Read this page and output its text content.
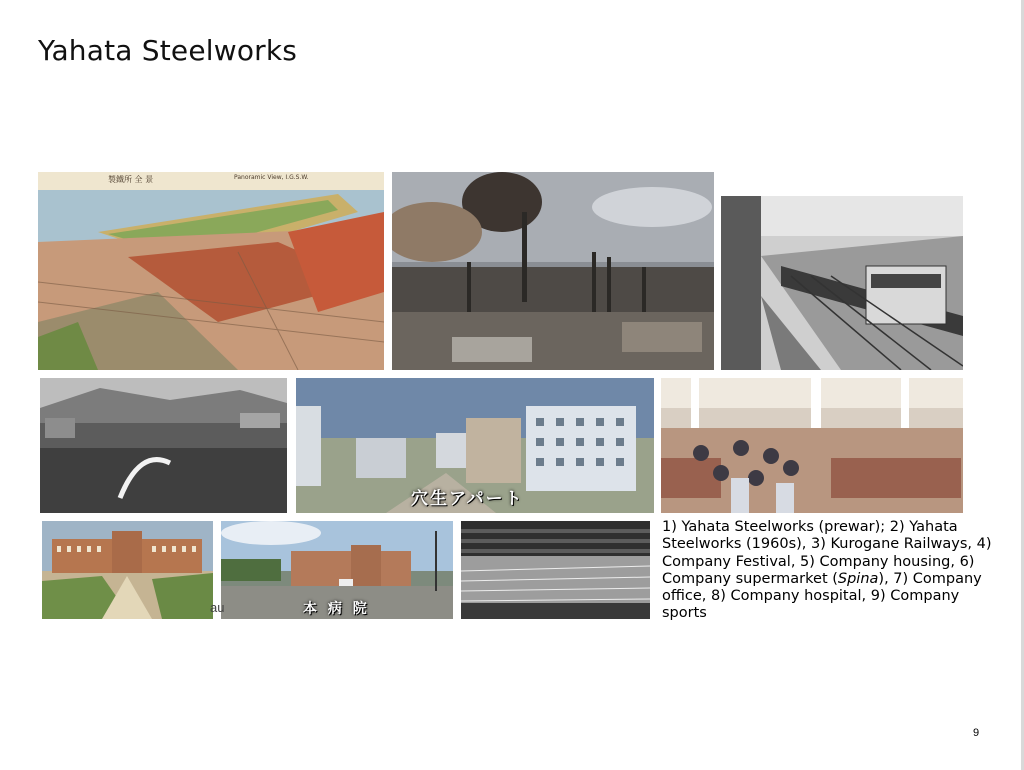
Yahata Steelworks
製鐵所 全 景	Panoramic View, I.G.S.W.
穴生アパート
本 病 院
au
1) Yahata Steelworks (prewar); 2) Yahata Steelworks (1960s), 3) Kurogane Railways, 4) Company Festival, 5) Company housing, 6) Company supermarket (Spina), 7) Company office, 8) Company hospital, 9) Company sports
9
